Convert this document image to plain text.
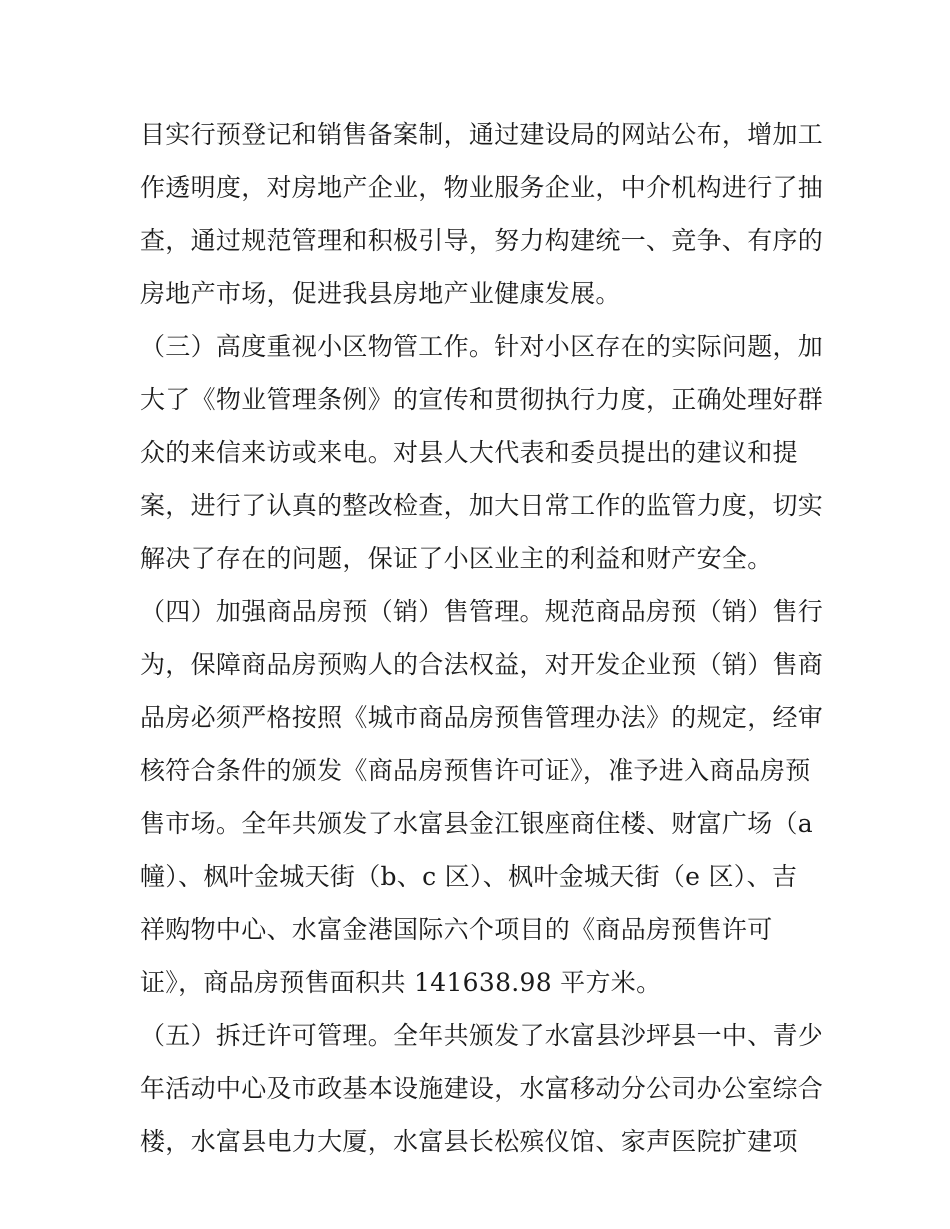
目实行预登记和销售备案制，通过建设局的网站公布，增加工
作透明度，对房地产企业，物业服务企业，中介机构进行了抽
查，通过规范管理和积极引导，努力构建统一、竞争、有序的
房地产市场，促进我县房地产业健康发展。
（三）高度重视小区物管工作。针对小区存在的实际问题，加
大了《物业管理条例》的宣传和贯彻执行力度，正确处理好群
众的来信来访或来电。对县人大代表和委员提出的建议和提
案，进行了认真的整改检查，加大日常工作的监管力度，切实
解决了存在的问题，保证了小区业主的利益和财产安全。
（四）加强商品房预（销）售管理。规范商品房预（销）售行
为，保障商品房预购人的合法权益，对开发企业预（销）售商
品房必须严格按照《城市商品房预售管理办法》的规定，经审
核符合条件的颁发《商品房预售许可证》，准予进入商品房预
售市场。全年共颁发了水富县金江银座商住楼、财富广场（a
幢）、枫叶金城天街（b、c 区）、枫叶金城天街（e 区）、吉
祥购物中心、水富金港国际六个项目的《商品房预售许可
证》，商品房预售面积共 141638.98 平方米。
（五）拆迁许可管理。全年共颁发了水富县沙坪县一中、青少
年活动中心及市政基本设施建设，水富移动分公司办公室综合
楼，水富县电力大厦，水富县长松殡仪馆、家声医院扩建项
